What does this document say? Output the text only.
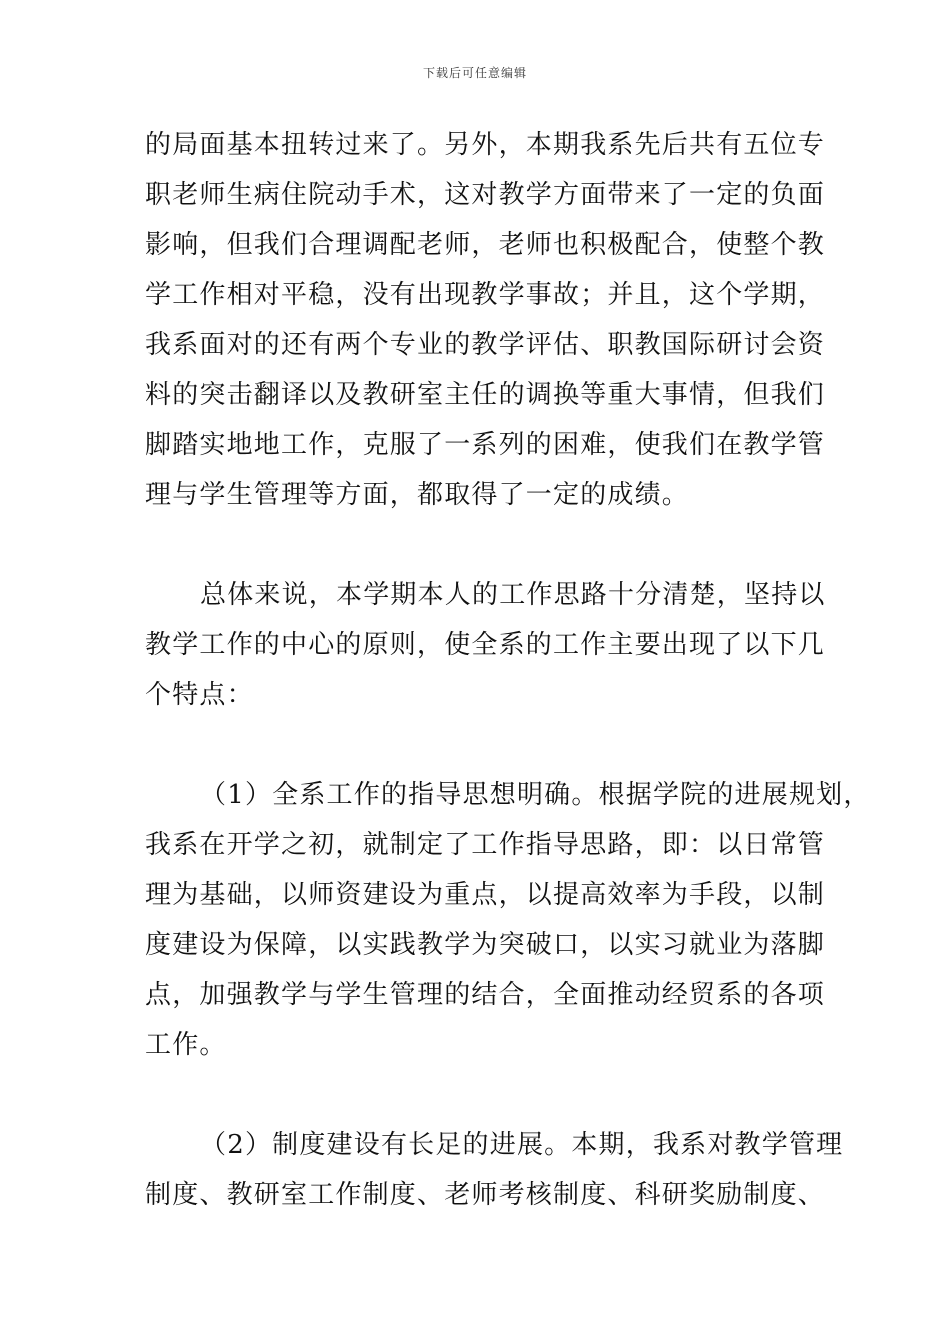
下载后可任意编辑
的局面基本扭转过来了。另外，本期我系先后共有五位专
职老师生病住院动手术，这对教学方面带来了一定的负面
影响，但我们合理调配老师，老师也积极配合，使整个教
学工作相对平稳，没有出现教学事故；并且，这个学期，
我系面对的还有两个专业的教学评估、职教国际研讨会资
料的突击翻译以及教研室主任的调换等重大事情，但我们
脚踏实地地工作，克服了一系列的困难，使我们在教学管
理与学生管理等方面，都取得了一定的成绩。
总体来说，本学期本人的工作思路十分清楚，坚持以
教学工作的中心的原则，使全系的工作主要出现了以下几
个特点：
（1）全系工作的指导思想明确。根据学院的进展规划，
我系在开学之初，就制定了工作指导思路，即：以日常管
理为基础，以师资建设为重点，以提高效率为手段，以制
度建设为保障，以实践教学为突破口，以实习就业为落脚
点，加强教学与学生管理的结合，全面推动经贸系的各项
工作。
（2）制度建设有长足的进展。本期，我系对教学管理
制度、教研室工作制度、老师考核制度、科研奖励制度、
